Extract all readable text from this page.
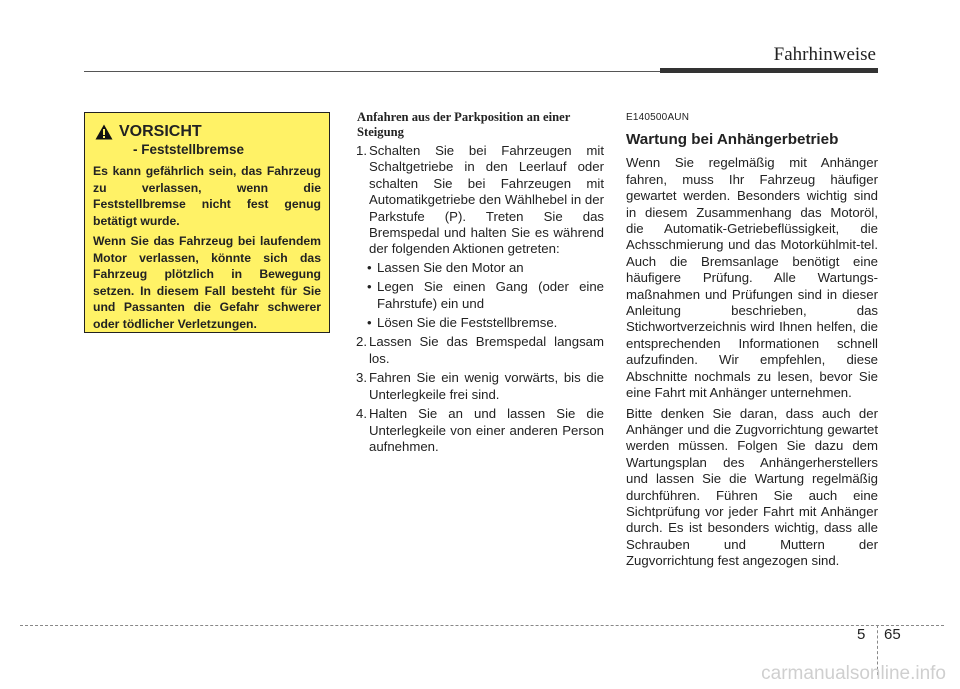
Fahrhinweise
VORSICHT
- Feststellbremse

Es kann gefährlich sein, das Fahrzeug zu verlassen, wenn die Feststellbremse nicht fest genug betätigt wurde.

Wenn Sie das Fahrzeug bei laufendem Motor verlassen, könnte sich das Fahrzeug plötzlich in Bewegung setzen. In diesem Fall besteht für Sie und Passanten die Gefahr schwerer oder tödlicher Verletzungen.

Anfahren aus der Parkposition an einer Steigung
1. Schalten Sie bei Fahrzeugen mit Schaltgetriebe in den Leerlauf oder schalten Sie bei Fahrzeugen mit Automatikgetriebe den Wählhebel in der Parkstufe (P). Treten Sie das Bremspedal und halten Sie es während der folgenden Aktionen getreten:
• Lassen Sie den Motor an
• Legen Sie einen Gang (oder eine Fahrstufe) ein und
• Lösen Sie die Feststellbremse.
2. Lassen Sie das Bremspedal langsam los.
3. Fahren Sie ein wenig vorwärts, bis die Unterlegkeile frei sind.
4. Halten Sie an und lassen Sie die Unterlegkeile von einer anderen Person aufnehmen.
E140500AUN
Wartung bei Anhängerbetrieb

Wenn Sie regelmäßig mit Anhänger fahren, muss Ihr Fahrzeug häufiger gewartet werden. Besonders wichtig sind in diesem Zusammenhang das Motoröl, die Automatik-Getriebeflüssigkeit, die Achsschmierung und das Motorkühlmit-tel. Auch die Bremsanlage benötigt eine häufigere Prüfung. Alle Wartungs-maßnahmen und Prüfungen sind in dieser Anleitung beschrieben, das Stichwortverzeichnis wird Ihnen helfen, die entsprechenden Informationen schnell aufzufinden. Wir empfehlen, diese Abschnitte nochmals zu lesen, bevor Sie eine Fahrt mit Anhänger unternehmen.

Bitte denken Sie daran, dass auch der Anhänger und die Zugvorrichtung gewartet werden müssen. Folgen Sie dazu dem Wartungsplan des Anhängerherstellers und lassen Sie die Wartung regelmäßig durchführen. Führen Sie auch eine Sichtprüfung vor jeder Fahrt mit Anhänger durch. Es ist besonders wichtig, dass alle Schrauben und Muttern der Zugvorrichtung fest angezogen sind.

5 65
carmanualsonline.info
